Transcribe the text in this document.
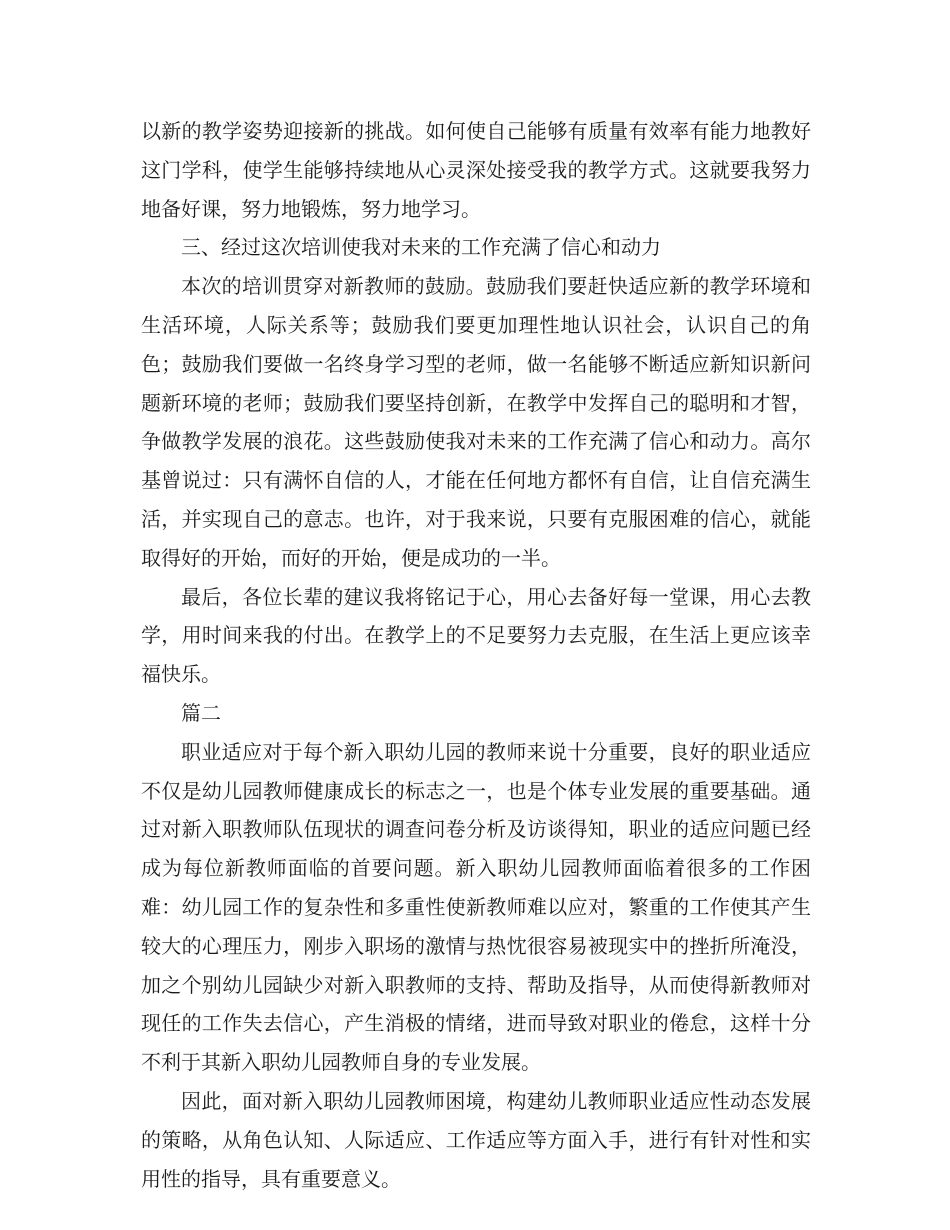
以新的教学姿势迎接新的挑战。如何使自己能够有质量有效率有能力地教好这门学科，使学生能够持续地从心灵深处接受我的教学方式。这就要我努力地备好课，努力地锻炼，努力地学习。

三、经过这次培训使我对未来的工作充满了信心和动力

本次的培训贯穿对新教师的鼓励。鼓励我们要赶快适应新的教学环境和生活环境，人际关系等；鼓励我们要更加理性地认识社会，认识自己的角色；鼓励我们要做一名终身学习型的老师，做一名能够不断适应新知识新问题新环境的老师；鼓励我们要坚持创新，在教学中发挥自己的聪明和才智，争做教学发展的浪花。这些鼓励使我对未来的工作充满了信心和动力。高尔基曾说过：只有满怀自信的人，才能在任何地方都怀有自信，让自信充满生活，并实现自己的意志。也许，对于我来说，只要有克服困难的信心，就能取得好的开始，而好的开始，便是成功的一半。

最后，各位长辈的建议我将铭记于心，用心去备好每一堂课，用心去教学，用时间来我的付出。在教学上的不足要努力去克服，在生活上更应该幸福快乐。

篇二

职业适应对于每个新入职幼儿园的教师来说十分重要，良好的职业适应不仅是幼儿园教师健康成长的标志之一，也是个体专业发展的重要基础。通过对新入职教师队伍现状的调查问卷分析及访谈得知，职业的适应问题已经成为每位新教师面临的首要问题。新入职幼儿园教师面临着很多的工作困难：幼儿园工作的复杂性和多重性使新教师难以应对，繁重的工作使其产生较大的心理压力，刚步入职场的激情与热忱很容易被现实中的挫折所淹没，加之个别幼儿园缺少对新入职教师的支持、帮助及指导，从而使得新教师对现任的工作失去信心，产生消极的情绪，进而导致对职业的倦怠，这样十分不利于其新入职幼儿园教师自身的专业发展。

因此，面对新入职幼儿园教师困境，构建幼儿教师职业适应性动态发展的策略，从角色认知、人际适应、工作适应等方面入手，进行有针对性和实用性的指导，具有重要意义。
